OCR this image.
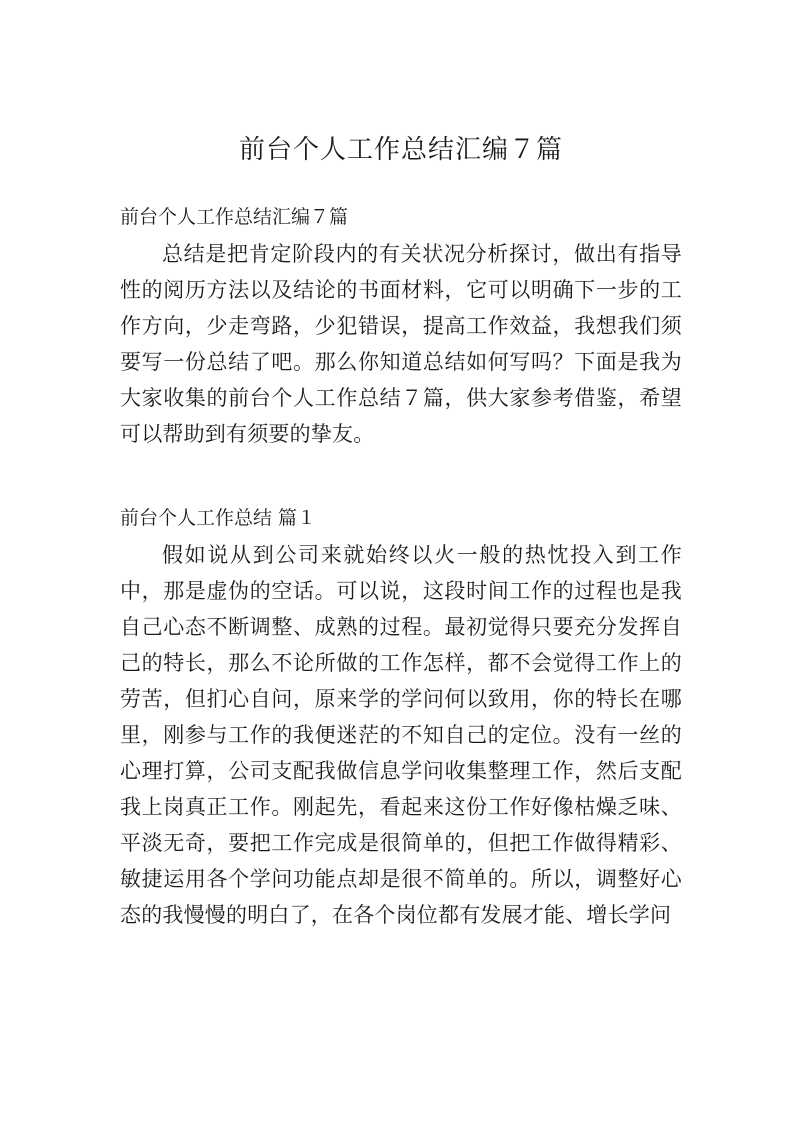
前台个人工作总结汇编７篇
前台个人工作总结汇编７篇

总结是把肯定阶段内的有关状况分析探讨，做出有指导性的阅历方法以及结论的书面材料，它可以明确下一步的工作方向，少走弯路，少犯错误，提高工作效益，我想我们须要写一份总结了吧。那么你知道总结如何写吗？下面是我为大家收集的前台个人工作总结７篇，供大家参考借鉴，希望可以帮助到有须要的挚友。

前台个人工作总结 篇１

假如说从到公司来就始终以火一般的热忱投入到工作中，那是虚伪的空话。可以说，这段时间工作的过程也是我自己心态不断调整、成熟的过程。最初觉得只要充分发挥自己的特长，那么不论所做的工作怎样，都不会觉得工作上的劳苦，但扪心自问，原来学的学问何以致用，你的特长在哪里，刚参与工作的我便迷茫的不知自己的定位。没有一丝的心理打算，公司支配我做信息学问收集整理工作，然后支配我上岗真正工作。刚起先，看起来这份工作好像枯燥乏味、平淡无奇，要把工作完成是很简单的，但把工作做得精彩、敏捷运用各个学问功能点却是很不简单的。所以，调整好心态的我慢慢的明白了，在各个岗位都有发展才能、增长学问
